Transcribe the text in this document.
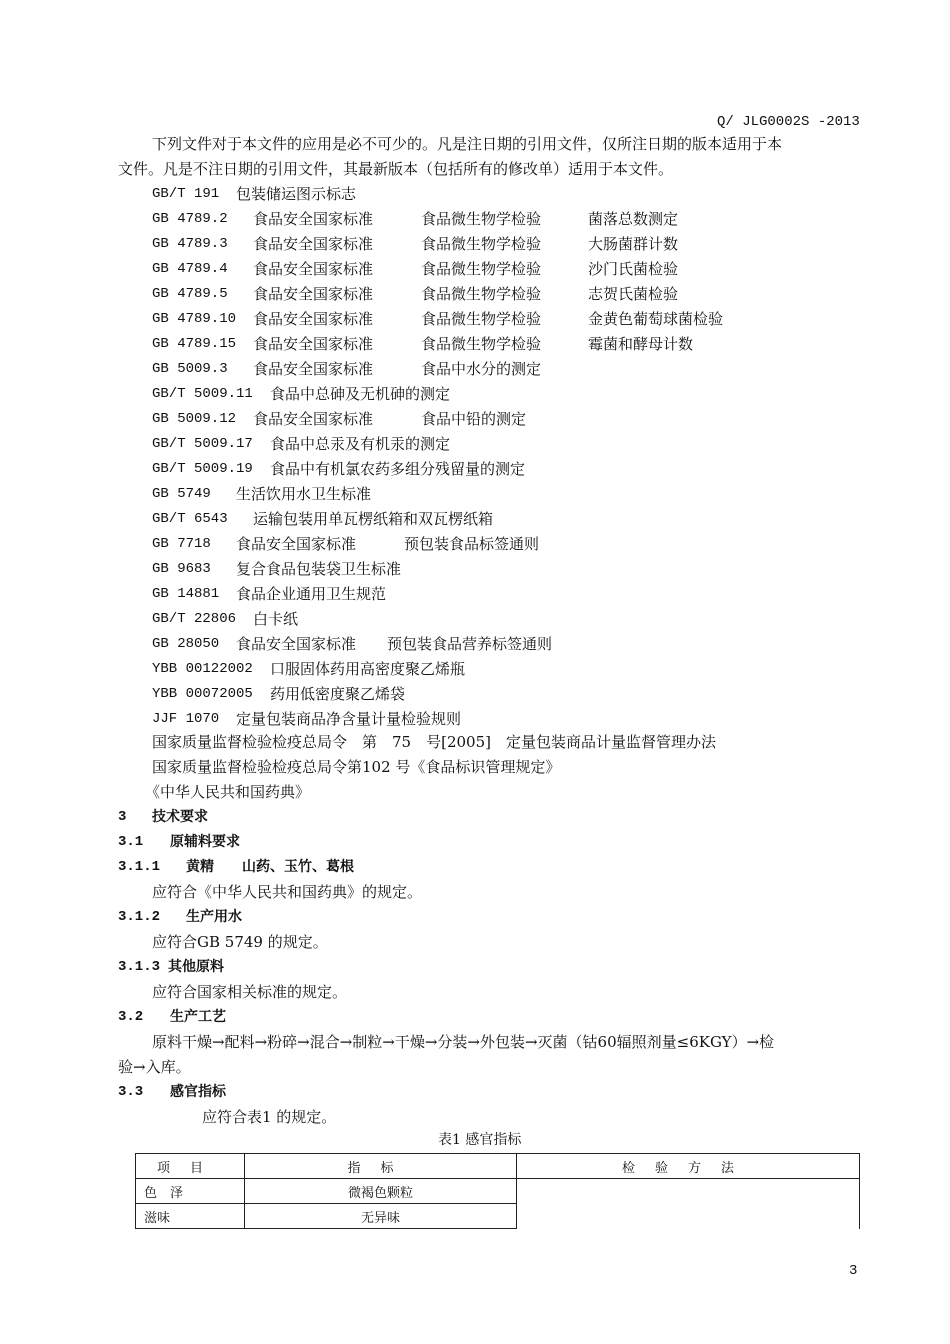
Q/ JLG0002S -2013
下列文件对于本文件的应用是必不可少的。凡是注日期的引用文件，仅所注日期的版本适用于本
文件。凡是不注日期的引用文件，其最新版本（包括所有的修改单）适用于本文件。
GB/T 191 包装储运图示标志
GB 4789.2 食品安全国家标准	食品微生物学检验	菌落总数测定
GB 4789.3 食品安全国家标准	食品微生物学检验	大肠菌群计数
GB 4789.4 食品安全国家标准	食品微生物学检验	沙门氏菌检验
GB 4789.5 食品安全国家标准	食品微生物学检验	志贺氏菌检验
GB 4789.10 食品安全国家标准	食品微生物学检验	金黄色葡萄球菌检验
GB 4789.15 食品安全国家标准	食品微生物学检验	霉菌和酵母计数
GB 5009.3 食品安全国家标准	食品中水分的测定
GB/T 5009.11 食品中总砷及无机砷的测定
GB 5009.12 食品安全国家标准	食品中铅的测定
GB/T 5009.17 食品中总汞及有机汞的测定
GB/T 5009.19 食品中有机氯农药多组分残留量的测定
GB 5749 生活饮用水卫生标准
GB/T 6543 运输包装用单瓦楞纸箱和双瓦楞纸箱
GB 7718 食品安全国家标准	预包装食品标签通则
GB 9683 复合食品包装袋卫生标准
GB 14881 食品企业通用卫生规范
GB/T 22806 白卡纸
GB 28050 食品安全国家标准 预包装食品营养标签通则
YBB 00122002 口服固体药用高密度聚乙烯瓶
YBB 00072005 药用低密度聚乙烯袋
JJF 1070 定量包装商品净含量计量检验规则
国家质量监督检验检疫总局令　第　75　号[2005]　定量包装商品计量监督管理办法
国家质量监督检验检疫总局令第102 号《食品标识管理规定》
《中华人民共和国药典》
3 技术要求
3.1 原辅料要求
3.1.1 黄精　　山药、玉竹、葛根
应符合《中华人民共和国药典》的规定。
3.1.2 生产用水
应符合GB 5749 的规定。
3.1.3 其他原料
应符合国家相关标准的规定。
3.2 生产工艺
原料干燥→配料→粉碎→混合→制粒→干燥→分装→外包装→灭菌（钴60辐照剂量≤6KGY）→检
验→入库。
3.3 感官指标
应符合表1 的规定。
表1 感官指标
项目	指标	检验方法
色　泽	微褐色颗粒	
滋味	无异味	
3
